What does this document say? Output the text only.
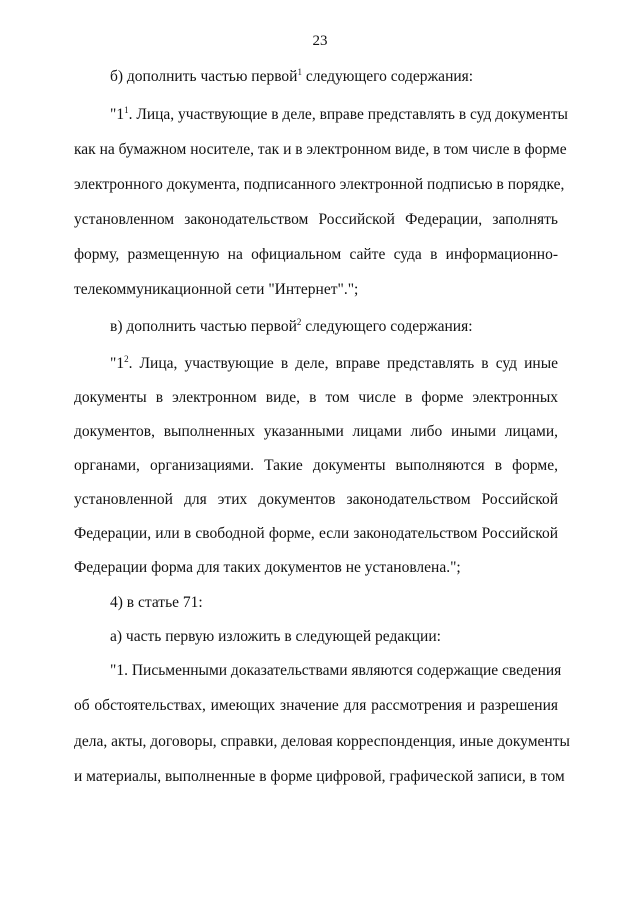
23

б) дополнить частью первой$^1$ следующего содержания:

"$1^1$. Лица, участвующие в деле, вправе представлять в суд документы

как на бумажном носителе, так и в электронном виде, в том числе в форме

электронного документа, подписанного электронной подписью в порядке,

установленном законодательством Российской Федерации, заполнять

форму, размещенную на официальном сайте суда в информационно-

телекоммуникационной сети "Интернет".";

в) дополнить частью первой$^2$ следующего содержания:

"$1^2$. Лица, участвующие в деле, вправе представлять в суд иные

документы в электронном виде, в том числе в форме электронных

документов, выполненных указанными лицами либо иными лицами,

органами, организациями. Такие документы выполняются в форме,

установленной для этих документов законодательством Российской

Федерации, или в свободной форме, если законодательством Российской

Федерации форма для таких документов не установлена.";

4) в статье 71:

а) часть первую изложить в следующей редакции:

"1. Письменными доказательствами являются содержащие сведения

об обстоятельствах, имеющих значение для рассмотрения и разрешения

дела, акты, договоры, справки, деловая корреспонденция, иные документы

и материалы, выполненные в форме цифровой, графической записи, в том
